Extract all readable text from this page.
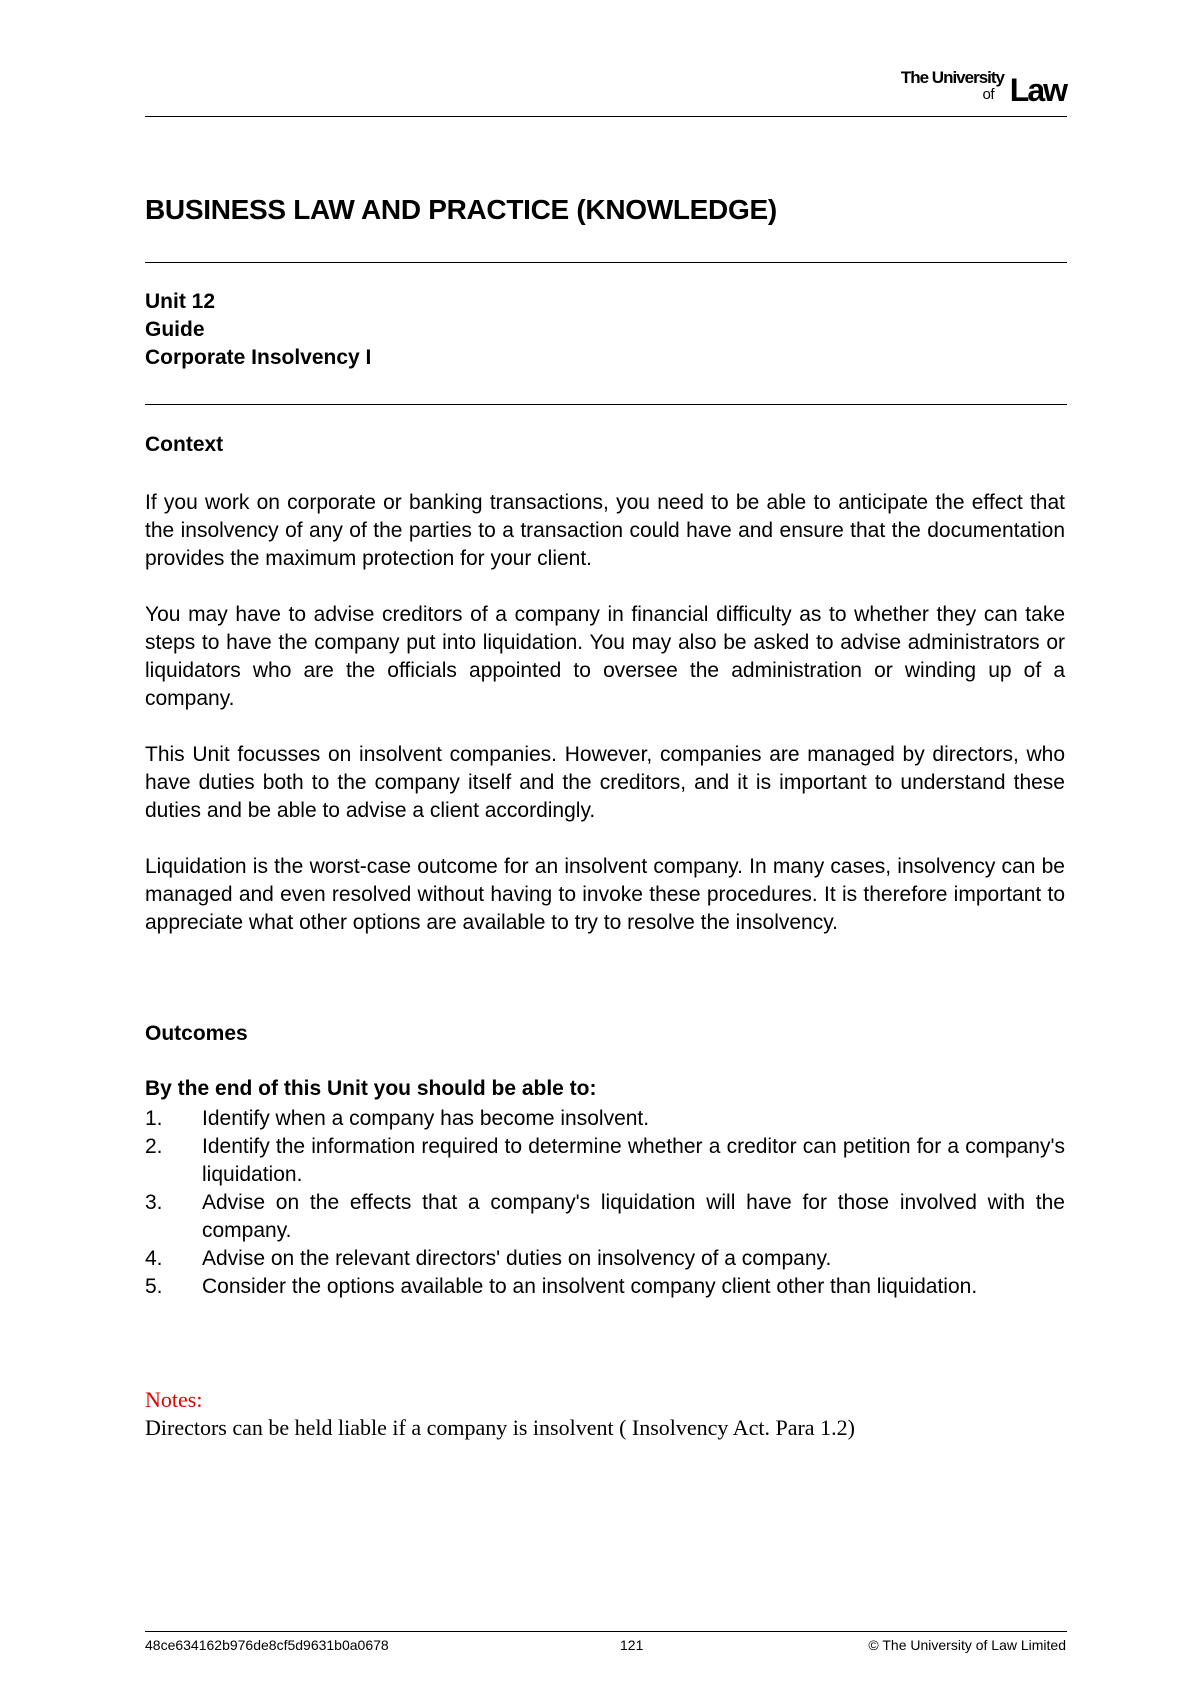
The University
of Law
BUSINESS LAW AND PRACTICE (KNOWLEDGE)
Unit 12
Guide
Corporate Insolvency I
Context

If you work on corporate or banking transactions, you need to be able to anticipate the effect that the insolvency of any of the parties to a transaction could have and ensure that the documentation provides the maximum protection for your client.

You may have to advise creditors of a company in financial difficulty as to whether they can take steps to have the company put into liquidation. You may also be asked to advise administrators or liquidators who are the officials appointed to oversee the administration or winding up of a company.

This Unit focusses on insolvent companies. However, companies are managed by directors, who have duties both to the company itself and the creditors, and it is important to understand these duties and be able to advise a client accordingly.

Liquidation is the worst-case outcome for an insolvent company. In many cases, insolvency can be managed and even resolved without having to invoke these procedures. It is therefore important to appreciate what other options are available to try to resolve the insolvency.

Outcomes
By the end of this Unit you should be able to:
1. Identify when a company has become insolvent.
2. Identify the information required to determine whether a creditor can petition for a company's liquidation.
3. Advise on the effects that a company's liquidation will have for those involved with the company.
4. Advise on the relevant directors' duties on insolvency of a company.
5. Consider the options available to an insolvent company client other than liquidation.
Notes:
Directors can be held liable if a company is insolvent ( Insolvency Act. Para 1.2)
48ce634162b976de8cf5d9631b0a0678	121	© The University of Law Limited
